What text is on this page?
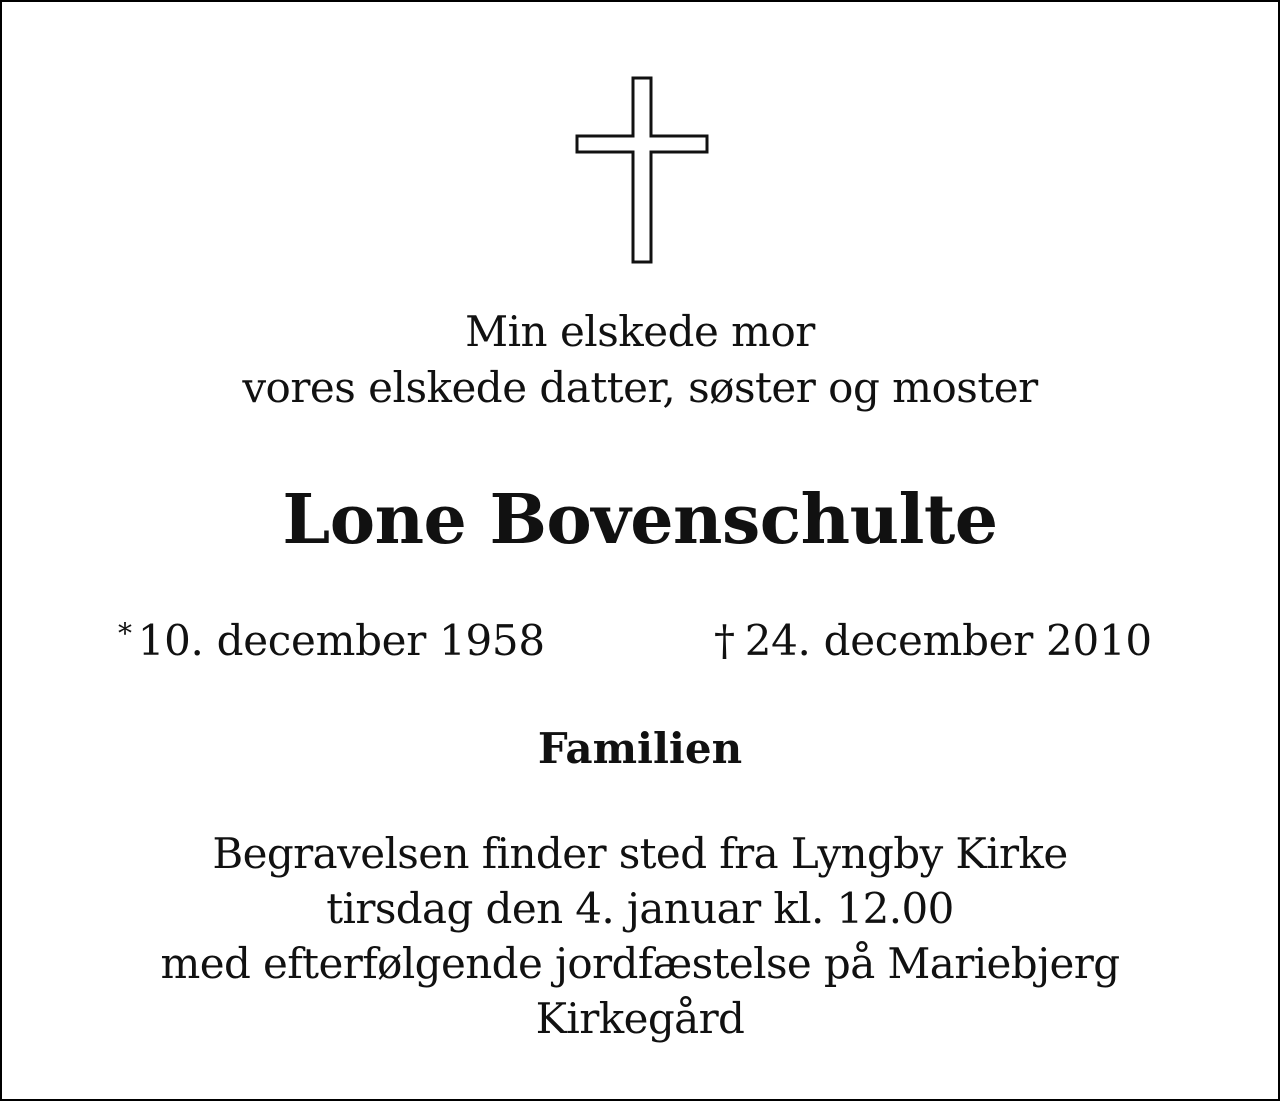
Min elskede mor
vores elskede datter, søster og moster
Lone Bovenschulte
* 10. december 1958	† 24. december 2010
Familien
Begravelsen finder sted fra Lyngby Kirke
tirsdag den 4. januar kl. 12.00
med efterfølgende jordfæstelse på Mariebjerg
Kirkegård
